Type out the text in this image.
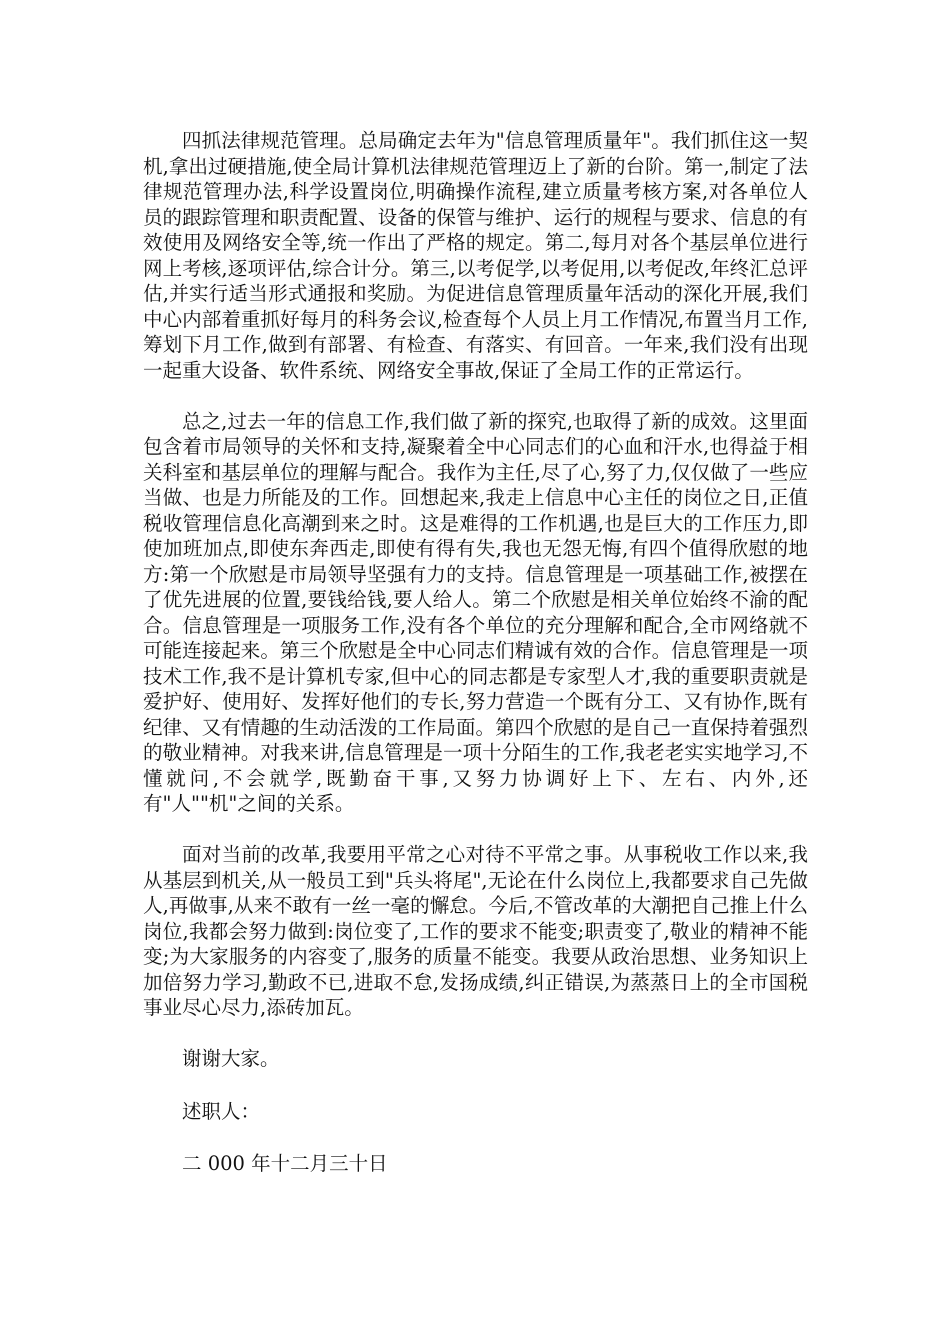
四抓法律规范管理。总局确定去年为"信息管理质量年"。我们抓住这一契机,拿出过硬措施,使全局计算机法律规范管理迈上了新的台阶。第一,制定了法律规范管理办法,科学设置岗位,明确操作流程,建立质量考核方案,对各单位人员的跟踪管理和职责配置、设备的保管与维护、运行的规程与要求、信息的有效使用及网络安全等,统一作出了严格的规定。第二,每月对各个基层单位进行网上考核,逐项评估,综合计分。第三,以考促学,以考促用,以考促改,年终汇总评估,并实行适当形式通报和奖励。为促进信息管理质量年活动的深化开展,我们中心内部着重抓好每月的科务会议,检查每个人员上月工作情况,布置当月工作,筹划下月工作,做到有部署、有检查、有落实、有回音。一年来,我们没有出现一起重大设备、软件系统、网络安全事故,保证了全局工作的正常运行。

总之,过去一年的信息工作,我们做了新的探究,也取得了新的成效。这里面包含着市局领导的关怀和支持,凝聚着全中心同志们的心血和汗水,也得益于相关科室和基层单位的理解与配合。我作为主任,尽了心,努了力,仅仅做了一些应当做、也是力所能及的工作。回想起来,我走上信息中心主任的岗位之日,正值税收管理信息化高潮到来之时。这是难得的工作机遇,也是巨大的工作压力,即使加班加点,即使东奔西走,即使有得有失,我也无怨无悔,有四个值得欣慰的地方:第一个欣慰是市局领导坚强有力的支持。信息管理是一项基础工作,被摆在了优先进展的位置,要钱给钱,要人给人。第二个欣慰是相关单位始终不渝的配合。信息管理是一项服务工作,没有各个单位的充分理解和配合,全市网络就不可能连接起来。第三个欣慰是全中心同志们精诚有效的合作。信息管理是一项技术工作,我不是计算机专家,但中心的同志都是专家型人才,我的重要职责就是爱护好、使用好、发挥好他们的专长,努力营造一个既有分工、又有协作,既有纪律、又有情趣的生动活泼的工作局面。第四个欣慰的是自己一直保持着强烈的敬业精神。对我来讲,信息管理是一项十分陌生的工作,我老老实实地学习,不懂就问,不会就学,既勤奋干事,又努力协调好上下、左右、内外,还有"人""机"之间的关系。

面对当前的改革,我要用平常之心对待不平常之事。从事税收工作以来,我从基层到机关,从一般员工到"兵头将尾",无论在什么岗位上,我都要求自己先做人,再做事,从来不敢有一丝一毫的懈怠。今后,不管改革的大潮把自己推上什么岗位,我都会努力做到:岗位变了,工作的要求不能变;职责变了,敬业的精神不能变;为大家服务的内容变了,服务的质量不能变。我要从政治思想、业务知识上加倍努力学习,勤政不已,进取不怠,发扬成绩,纠正错误,为蒸蒸日上的全市国税事业尽心尽力,添砖加瓦。

谢谢大家。

述职人：

二 000 年十二月三十日
